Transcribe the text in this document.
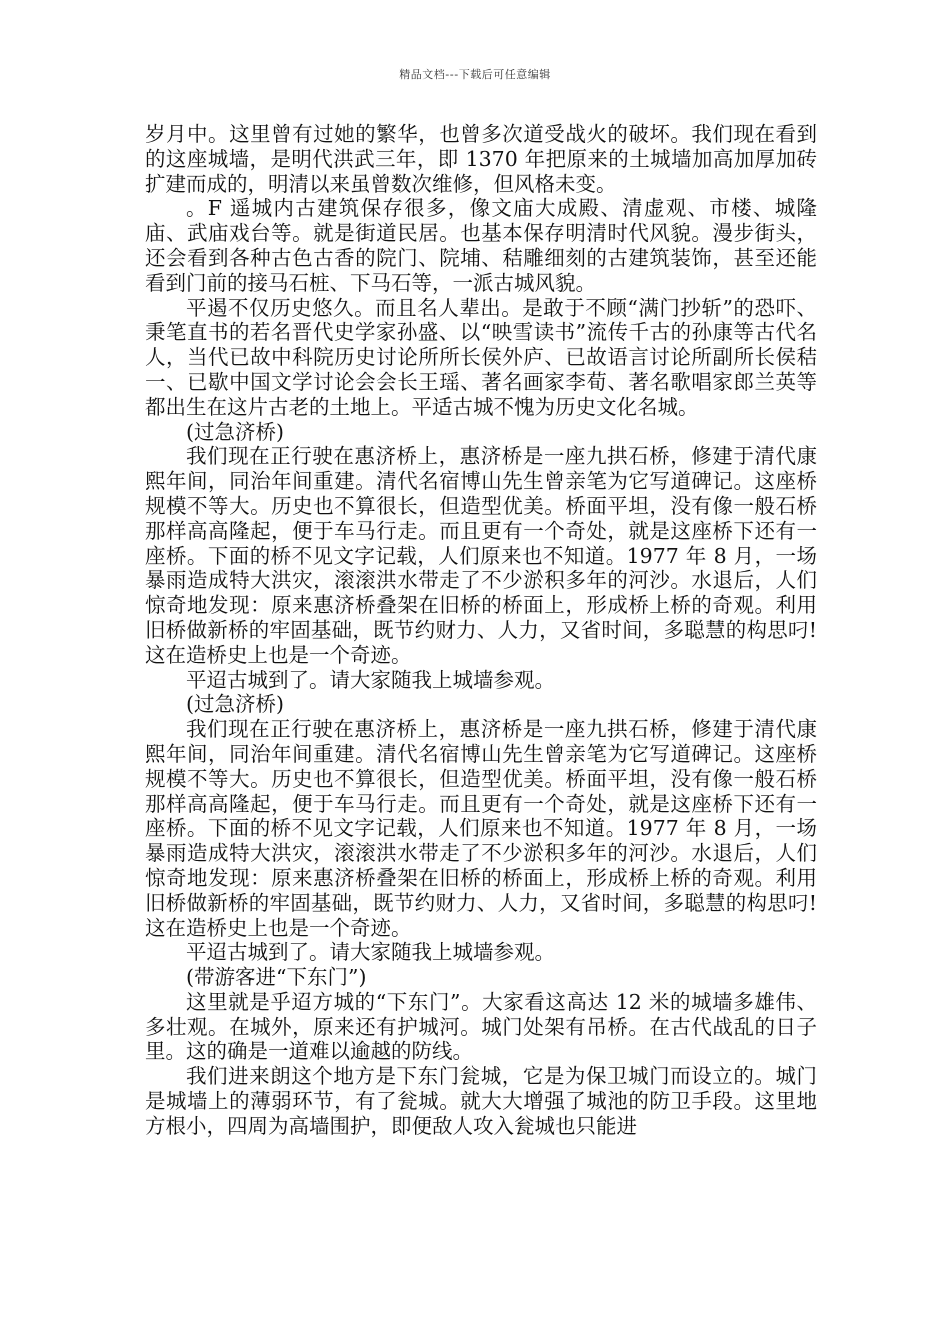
精品文档---下载后可任意编辑

岁月中。这里曾有过她的繁华，也曾多次道受战火的破坏。我们现在看到的这座城墙，是明代洪武三年，即 1370 年把原来的土城墙加高加厚加砖扩建而成的，明清以来虽曾数次维修，但风格未变。

。F 遥城内古建筑保存很多，像文庙大成殿、清虚观、市楼、城隆庙、武庙戏台等。就是街道民居。也基本保存明清时代风貌。漫步街头，还会看到各种古色古香的院门、院埔、秸雕细刻的古建筑装饰，甚至还能看到门前的接马石桩、下马石等，一派古城风貌。

平遏不仅历史悠久。而且名人辈出。是敢于不顾“满门抄斩”的恐吓、秉笔直书的若名晋代史学家孙盛、以“映雪读书”流传千古的孙康等古代名人，当代已故中科院历史讨论所所长侯外庐、已故语言讨论所副所长侯秸一、已歇中国文学讨论会会长王瑶、著名画家李荀、著名歌唱家郎兰英等都出生在这片古老的土地上。平适古城不愧为历史文化名城。

(过急济桥)

我们现在正行驶在惠济桥上，惠济桥是一座九拱石桥，修建于清代康熙年间，同治年间重建。清代名宿博山先生曾亲笔为它写道碑记。这座桥规模不等大。历史也不算很长，但造型优美。桥面平坦，没有像一般石桥那样高高隆起，便于车马行走。而且更有一个奇处，就是这座桥下还有一座桥。下面的桥不见文字记载，人们原来也不知道。1977 年 8 月，一场暴雨造成特大洪灾，滚滚洪水带走了不少淤积多年的河沙。水退后，人们惊奇地发现：原来惠济桥叠架在旧桥的桥面上，形成桥上桥的奇观。利用旧桥做新桥的牢固基础，既节约财力、人力，又省时间，多聪慧的构思叼!这在造桥史上也是一个奇迹。

平迢古城到了。请大家随我上城墙参观。

(过急济桥)

我们现在正行驶在惠济桥上，惠济桥是一座九拱石桥，修建于清代康熙年间，同治年间重建。清代名宿博山先生曾亲笔为它写道碑记。这座桥规模不等大。历史也不算很长，但造型优美。桥面平坦，没有像一般石桥那样高高隆起，便于车马行走。而且更有一个奇处，就是这座桥下还有一座桥。下面的桥不见文字记载，人们原来也不知道。1977 年 8 月，一场暴雨造成特大洪灾，滚滚洪水带走了不少淤积多年的河沙。水退后，人们惊奇地发现：原来惠济桥叠架在旧桥的桥面上，形成桥上桥的奇观。利用旧桥做新桥的牢固基础，既节约财力、人力，又省时间，多聪慧的构思叼!这在造桥史上也是一个奇迹。

平迢古城到了。请大家随我上城墙参观。

(带游客进“下东门”)

这里就是乎迢方城的“下东门”。大家看这高达 12 米的城墙多雄伟、多壮观。在城外，原来还有护城河。城门处架有吊桥。在古代战乱的日子里。这的确是一道难以逾越的防线。

我们进来朗这个地方是下东门瓮城，它是为保卫城门而设立的。城门是城墙上的薄弱环节，有了瓮城。就大大增强了城池的防卫手段。这里地方根小，四周为高墙围护，即便敌人攻入瓮城也只能进
